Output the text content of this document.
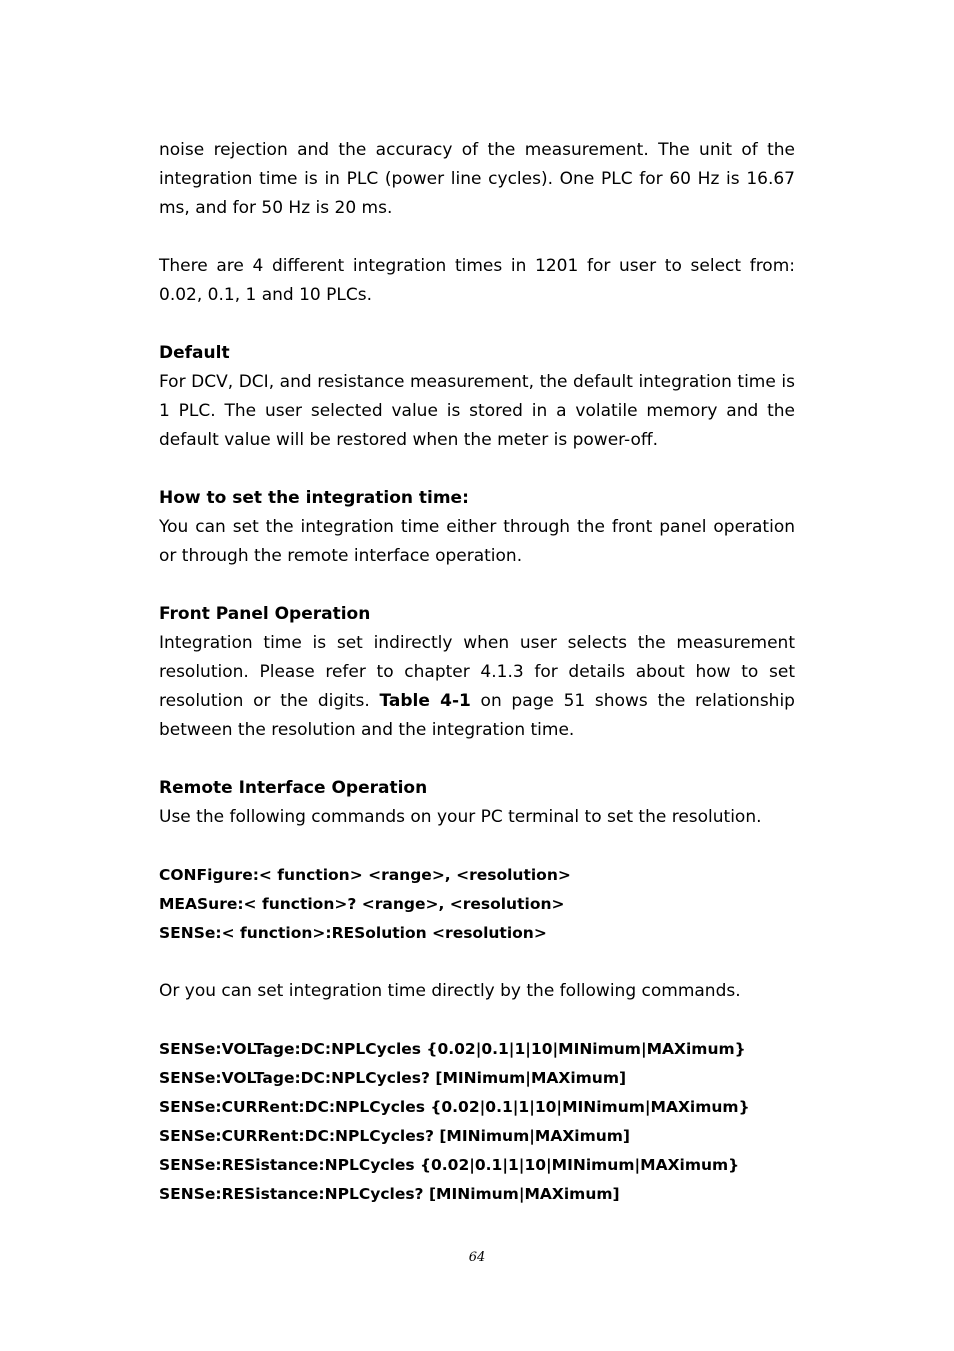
noise rejection and the accuracy of the measurement. The unit of the integration time is in PLC (power line cycles). One PLC for 60 Hz is 16.67 ms, and for 50 Hz is 20 ms.

There are 4 different integration times in 1201 for user to select from: 0.02, 0.1, 1 and 10 PLCs.

Default

For DCV, DCI, and resistance measurement, the default integration time is 1 PLC. The user selected value is stored in a volatile memory and the default value will be restored when the meter is power-off.

How to set the integration time:

You can set the integration time either through the front panel operation or through the remote interface operation.

Front Panel Operation

Integration time is set indirectly when user selects the measurement resolution. Please refer to chapter 4.1.3 for details about how to set resolution or the digits. Table 4-1 on page 51 shows the relationship between the resolution and the integration time.

Remote Interface Operation

Use the following commands on your PC terminal to set the resolution.

CONFigure:< function> <range>, <resolution>

MEASure:< function>? <range>, <resolution>

SENSe:< function>:RESolution <resolution>

Or you can set integration time directly by the following commands.

SENSe:VOLTage:DC:NPLCycles {0.02|0.1|1|10|MINimum|MAXimum}

SENSe:VOLTage:DC:NPLCycles? [MINimum|MAXimum]

SENSe:CURRent:DC:NPLCycles {0.02|0.1|1|10|MINimum|MAXimum}

SENSe:CURRent:DC:NPLCycles? [MINimum|MAXimum]

SENSe:RESistance:NPLCycles {0.02|0.1|1|10|MINimum|MAXimum}

SENSe:RESistance:NPLCycles? [MINimum|MAXimum]

64
